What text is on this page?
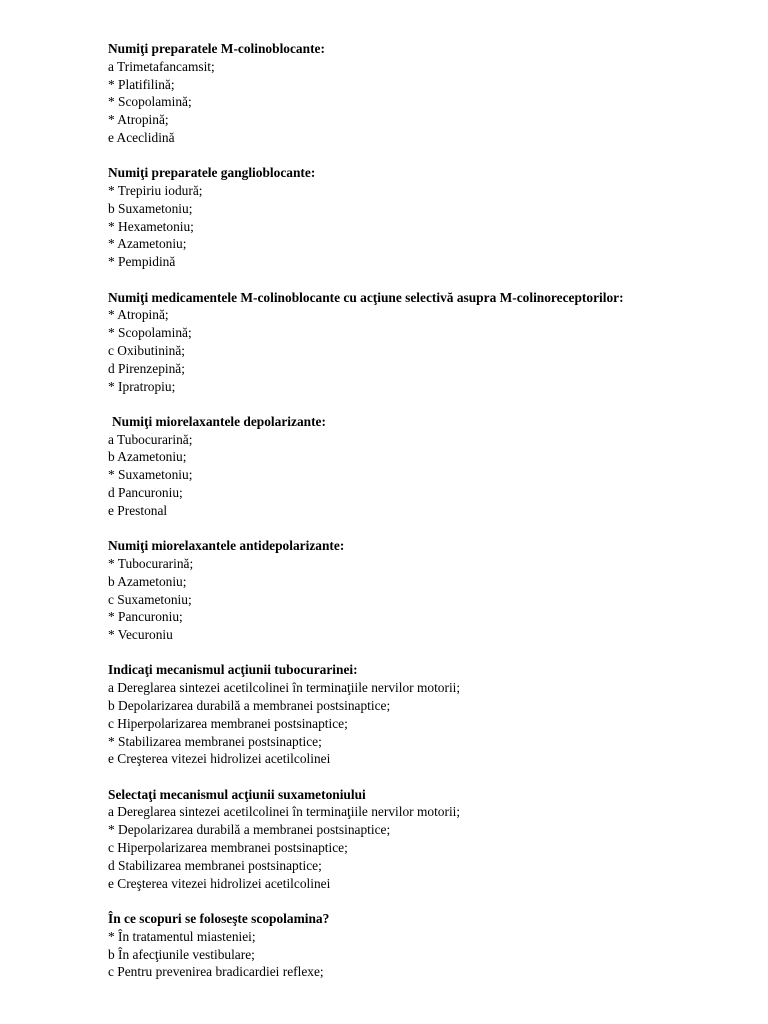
Numiţi preparatele M-colinoblocante:
a Trimetafancamsit;
* Platifilină;
* Scopolamină;
* Atropină;
e Aceclidină
Numiţi preparatele ganglioblocante:
* Trepiriu iodură;
b Suxametoniu;
* Hexametoniu;
* Azametoniu;
* Pempidină
Numiţi medicamentele M-colinoblocante cu acţiune selectivă asupra M-colinoreceptorilor:
* Atropină;
* Scopolamină;
c Oxibutinină;
d Pirenzepină;
* Ipratropiu;
Numiţi miorelaxantele depolarizante:
a Tubocurarină;
b Azametoniu;
* Suxametoniu;
d Pancuroniu;
e Prestonal
Numiţi miorelaxantele antidepolarizante:
* Tubocurarină;
b Azametoniu;
c Suxametoniu;
* Pancuroniu;
* Vecuroniu
Indicaţi mecanismul acţiunii tubocurarinei:
a Dereglarea sintezei acetilcolinei în terminaţiile nervilor motorii;
b Depolarizarea durabilă a membranei postsinaptice;
c Hiperpolarizarea membranei postsinaptice;
* Stabilizarea membranei postsinaptice;
e Creşterea vitezei hidrolizei acetilcolinei
Selectaţi mecanismul acţiunii suxametoniului
a Dereglarea sintezei acetilcolinei în terminaţiile nervilor motorii;
* Depolarizarea durabilă a membranei postsinaptice;
c Hiperpolarizarea membranei postsinaptice;
d Stabilizarea membranei postsinaptice;
e Creşterea vitezei hidrolizei acetilcolinei
În ce scopuri se foloseşte scopolamina?
* În tratamentul miasteniei;
b În afecţiunile vestibulare;
c Pentru prevenirea bradicardiei reflexe;
